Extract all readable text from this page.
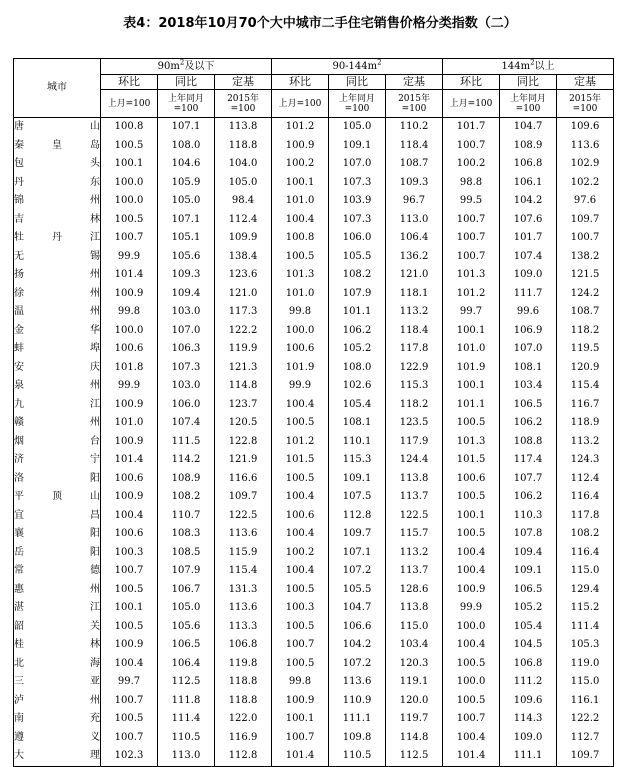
表4：2018年10月70个大中城市二手住宅销售价格分类指数（二）
城市	$90m^2$及以下			$90-144m^2$			$144m^2$以上		
	环比	同比	定基	环比	同比	定基	环比	同比	定基
	上月=100	上年同月=100	2015年=100	上月=100	上年同月=100	2015年=100	上月=100	上年同月=100	2015年=100
唐山	100.8	107.1	113.8	101.2	105.0	110.2	101.7	104.7	109.6
秦皇岛	100.5	108.0	118.8	100.9	109.1	118.4	100.7	108.9	113.6
包头	100.1	104.6	104.0	100.2	107.0	108.7	100.2	106.8	102.9
丹东	100.0	105.9	105.0	100.1	107.3	109.3	98.8	106.1	102.2
锦州	100.0	105.0	98.4	101.0	103.9	96.7	99.5	104.2	97.6
吉林	100.5	107.1	112.4	100.4	107.3	113.0	100.7	107.6	109.7
牡丹江	100.7	105.1	109.9	100.8	106.0	106.4	100.7	101.7	100.7
无锡	99.9	105.6	138.4	100.5	105.5	136.2	100.7	107.4	138.2
扬州	101.4	109.3	123.6	101.3	108.2	121.0	101.3	109.0	121.5
徐州	100.9	109.4	121.0	101.0	107.9	118.1	101.2	111.7	124.2
温州	99.8	103.0	117.3	99.8	101.1	113.2	99.7	99.6	108.7
金华	100.0	107.0	122.2	100.0	106.2	118.4	100.1	106.9	118.2
蚌埠	100.6	106.3	119.9	100.6	105.2	117.8	101.0	107.0	119.5
安庆	101.8	107.3	121.3	101.9	108.0	122.9	101.9	108.1	120.9
泉州	99.9	103.0	114.8	99.9	102.6	115.3	100.1	103.4	115.4
九江	100.9	106.0	123.7	100.4	105.4	118.2	101.1	106.5	116.7
赣州	101.0	107.4	120.5	100.5	108.1	123.5	100.5	106.2	118.9
烟台	100.9	111.5	122.8	101.2	110.1	117.9	101.3	108.8	113.2
济宁	101.4	114.2	121.9	101.5	115.3	124.4	101.5	117.4	124.3
洛阳	100.6	108.9	116.6	100.5	109.1	113.8	100.6	107.7	112.4
平顶山	100.9	108.2	109.7	100.4	107.5	113.7	100.5	106.2	116.4
宜昌	100.4	110.7	122.5	100.6	112.8	122.5	100.1	110.3	117.8
襄阳	100.6	108.3	113.6	100.4	109.7	115.7	100.5	107.8	108.2
岳阳	100.3	108.5	115.9	100.2	107.1	113.2	100.4	109.4	116.4
常德	100.7	107.9	115.4	100.4	107.2	113.7	100.4	109.1	115.0
惠州	100.5	106.7	131.3	100.5	105.5	128.6	100.9	106.5	129.4
湛江	100.1	105.0	113.6	100.3	104.7	113.8	99.9	105.2	115.2
韶关	100.5	105.6	113.3	100.5	106.6	115.0	100.0	105.4	111.4
桂林	100.9	106.5	106.8	100.7	104.2	103.4	100.4	104.5	105.3
北海	100.4	106.4	119.8	100.5	107.2	120.3	100.5	106.8	119.0
三亚	99.7	112.5	118.8	99.8	113.6	119.1	100.0	111.2	115.0
泸州	100.7	111.8	118.8	100.9	110.9	120.0	100.5	109.6	116.1
南充	100.5	111.4	122.0	100.1	111.1	119.7	100.7	114.3	122.2
遵义	100.7	110.5	116.9	100.7	109.8	114.8	100.4	109.0	112.7
大理	102.3	113.0	112.8	101.4	110.5	112.5	101.4	111.1	109.7
